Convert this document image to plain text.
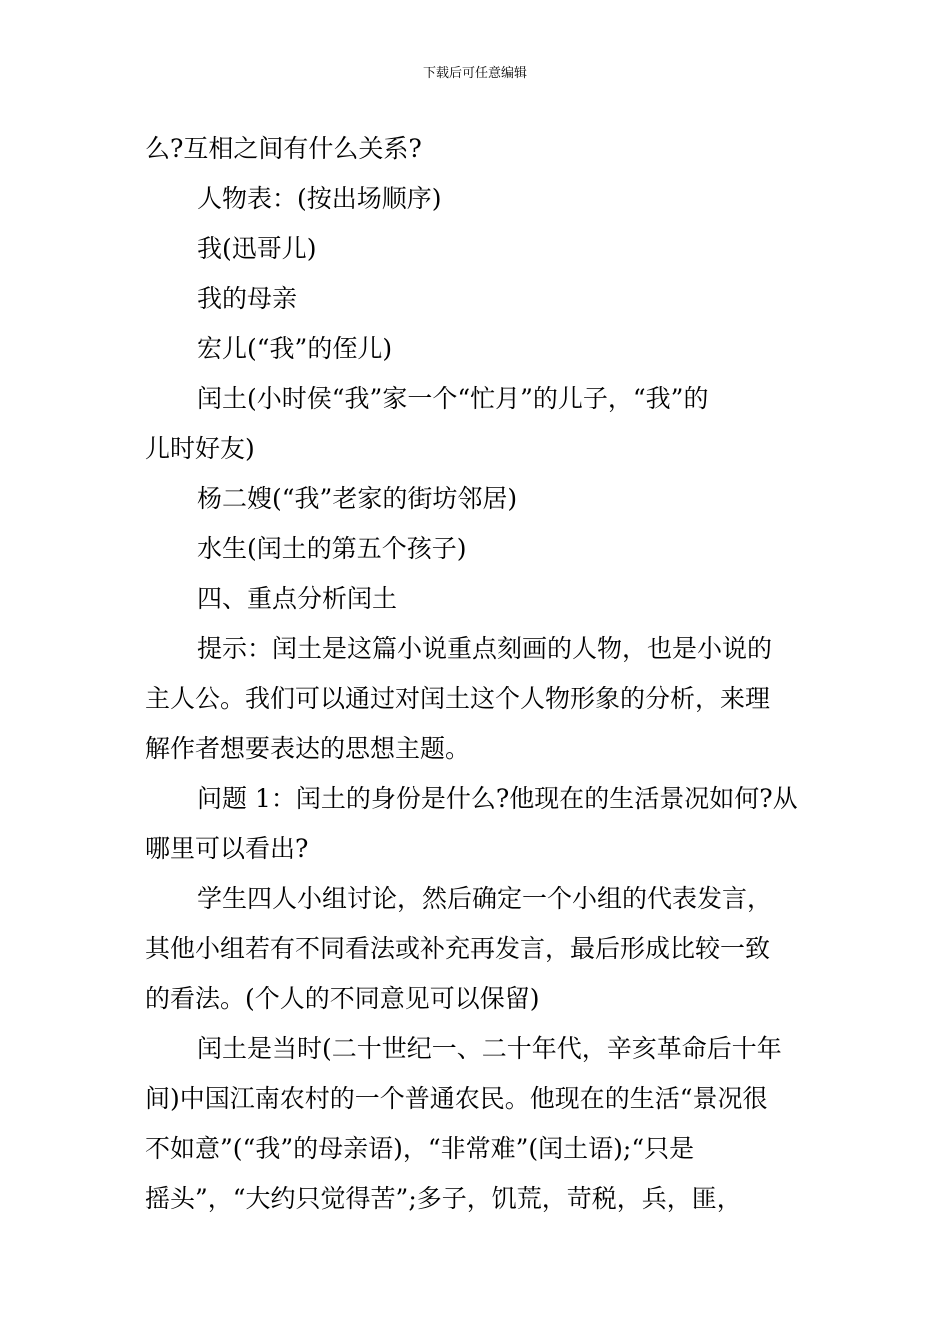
下载后可任意编辑
么?互相之间有什么关系?
人物表：(按出场顺序)
我(迅哥儿)
我的母亲
宏儿(“我”的侄儿)
闰土(小时侯“我”家一个“忙月”的儿子，“我”的
儿时好友)
杨二嫂(“我”老家的街坊邻居)
水生(闰土的第五个孩子)
四、重点分析闰土
提示：闰土是这篇小说重点刻画的人物，也是小说的
主人公。我们可以通过对闰土这个人物形象的分析，来理
解作者想要表达的思想主题。
问题 1：闰土的身份是什么?他现在的生活景况如何?从
哪里可以看出?
学生四人小组讨论，然后确定一个小组的代表发言，
其他小组若有不同看法或补充再发言，最后形成比较一致
的看法。(个人的不同意见可以保留)
闰土是当时(二十世纪一、二十年代，辛亥革命后十年
间)中国江南农村的一个普通农民。他现在的生活“景况很
不如意”(“我”的母亲语)，“非常难”(闰土语);“只是
摇头”，“大约只觉得苦”;多子，饥荒，苛税，兵，匪，
